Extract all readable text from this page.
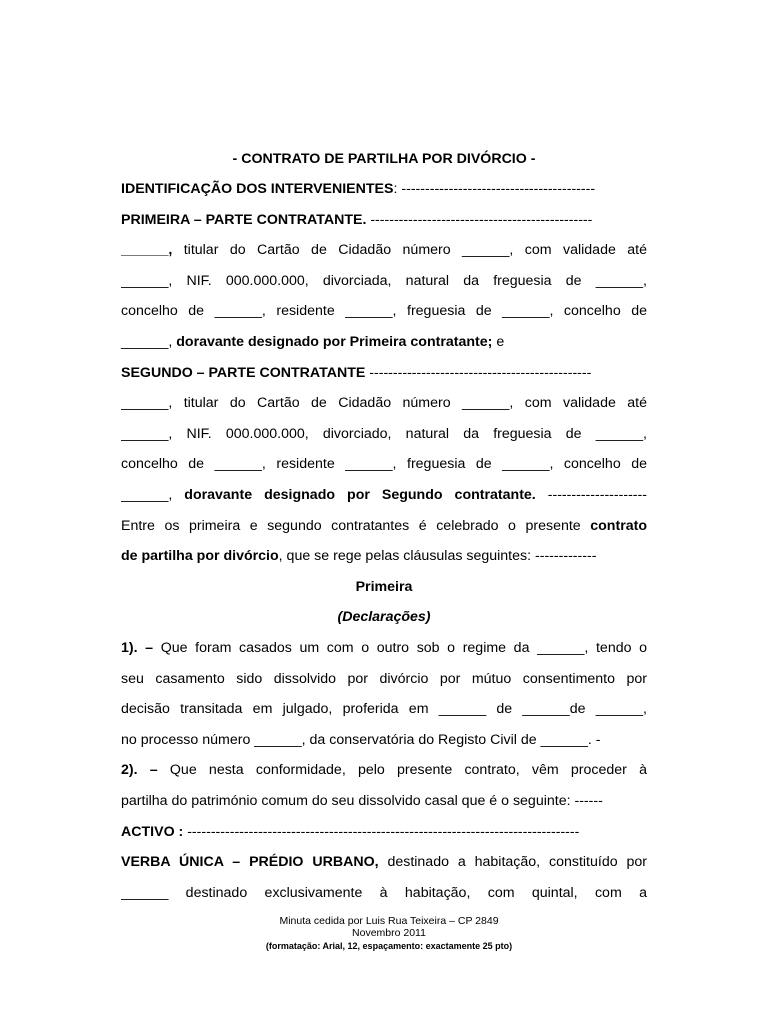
- CONTRATO DE PARTILHA POR DIVÓRCIO -
IDENTIFICAÇÃO DOS INTERVENIENTES: -----------------------------------------
PRIMEIRA – PARTE CONTRATANTE. -----------------------------------------------
______, titular do Cartão de Cidadão número ______, com validade até
______, NIF. 000.000.000, divorciada, natural da freguesia de ______,
concelho de ______, residente ______, freguesia de ______, concelho de
______, doravante designado por Primeira contratante; e
SEGUNDO – PARTE CONTRATANTE -----------------------------------------------
______, titular do Cartão de Cidadão número ______, com validade até
______, NIF. 000.000.000, divorciado, natural da freguesia de ______,
concelho de ______, residente ______, freguesia de ______, concelho de
______, doravante designado por Segundo contratante. ---------------------
Entre os primeira e segundo contratantes é celebrado o presente contrato
de partilha por divórcio, que se rege pelas cláusulas seguintes: -------------
Primeira
(Declarações)
1). – Que foram casados um com o outro sob o regime da ______, tendo o
seu casamento sido dissolvido por divórcio por mútuo consentimento por
decisão transitada em julgado, proferida em ______ de ______de ______,
no processo número ______, da conservatória do Registo Civil de ______. -
2). – Que nesta conformidade, pelo presente contrato, vêm proceder à
partilha do património comum do seu dissolvido casal que é o seguinte: ------
ACTIVO : -----------------------------------------------------------------------------------
VERBA ÚNICA – PRÉDIO URBANO, destinado a habitação, constituído por
______ destinado exclusivamente à habitação, com quintal, com a
Minuta cedida por Luis Rua Teixeira – CP 2849
Novembro 2011
(formatação: Arial, 12, espaçamento: exactamente 25 pto)
